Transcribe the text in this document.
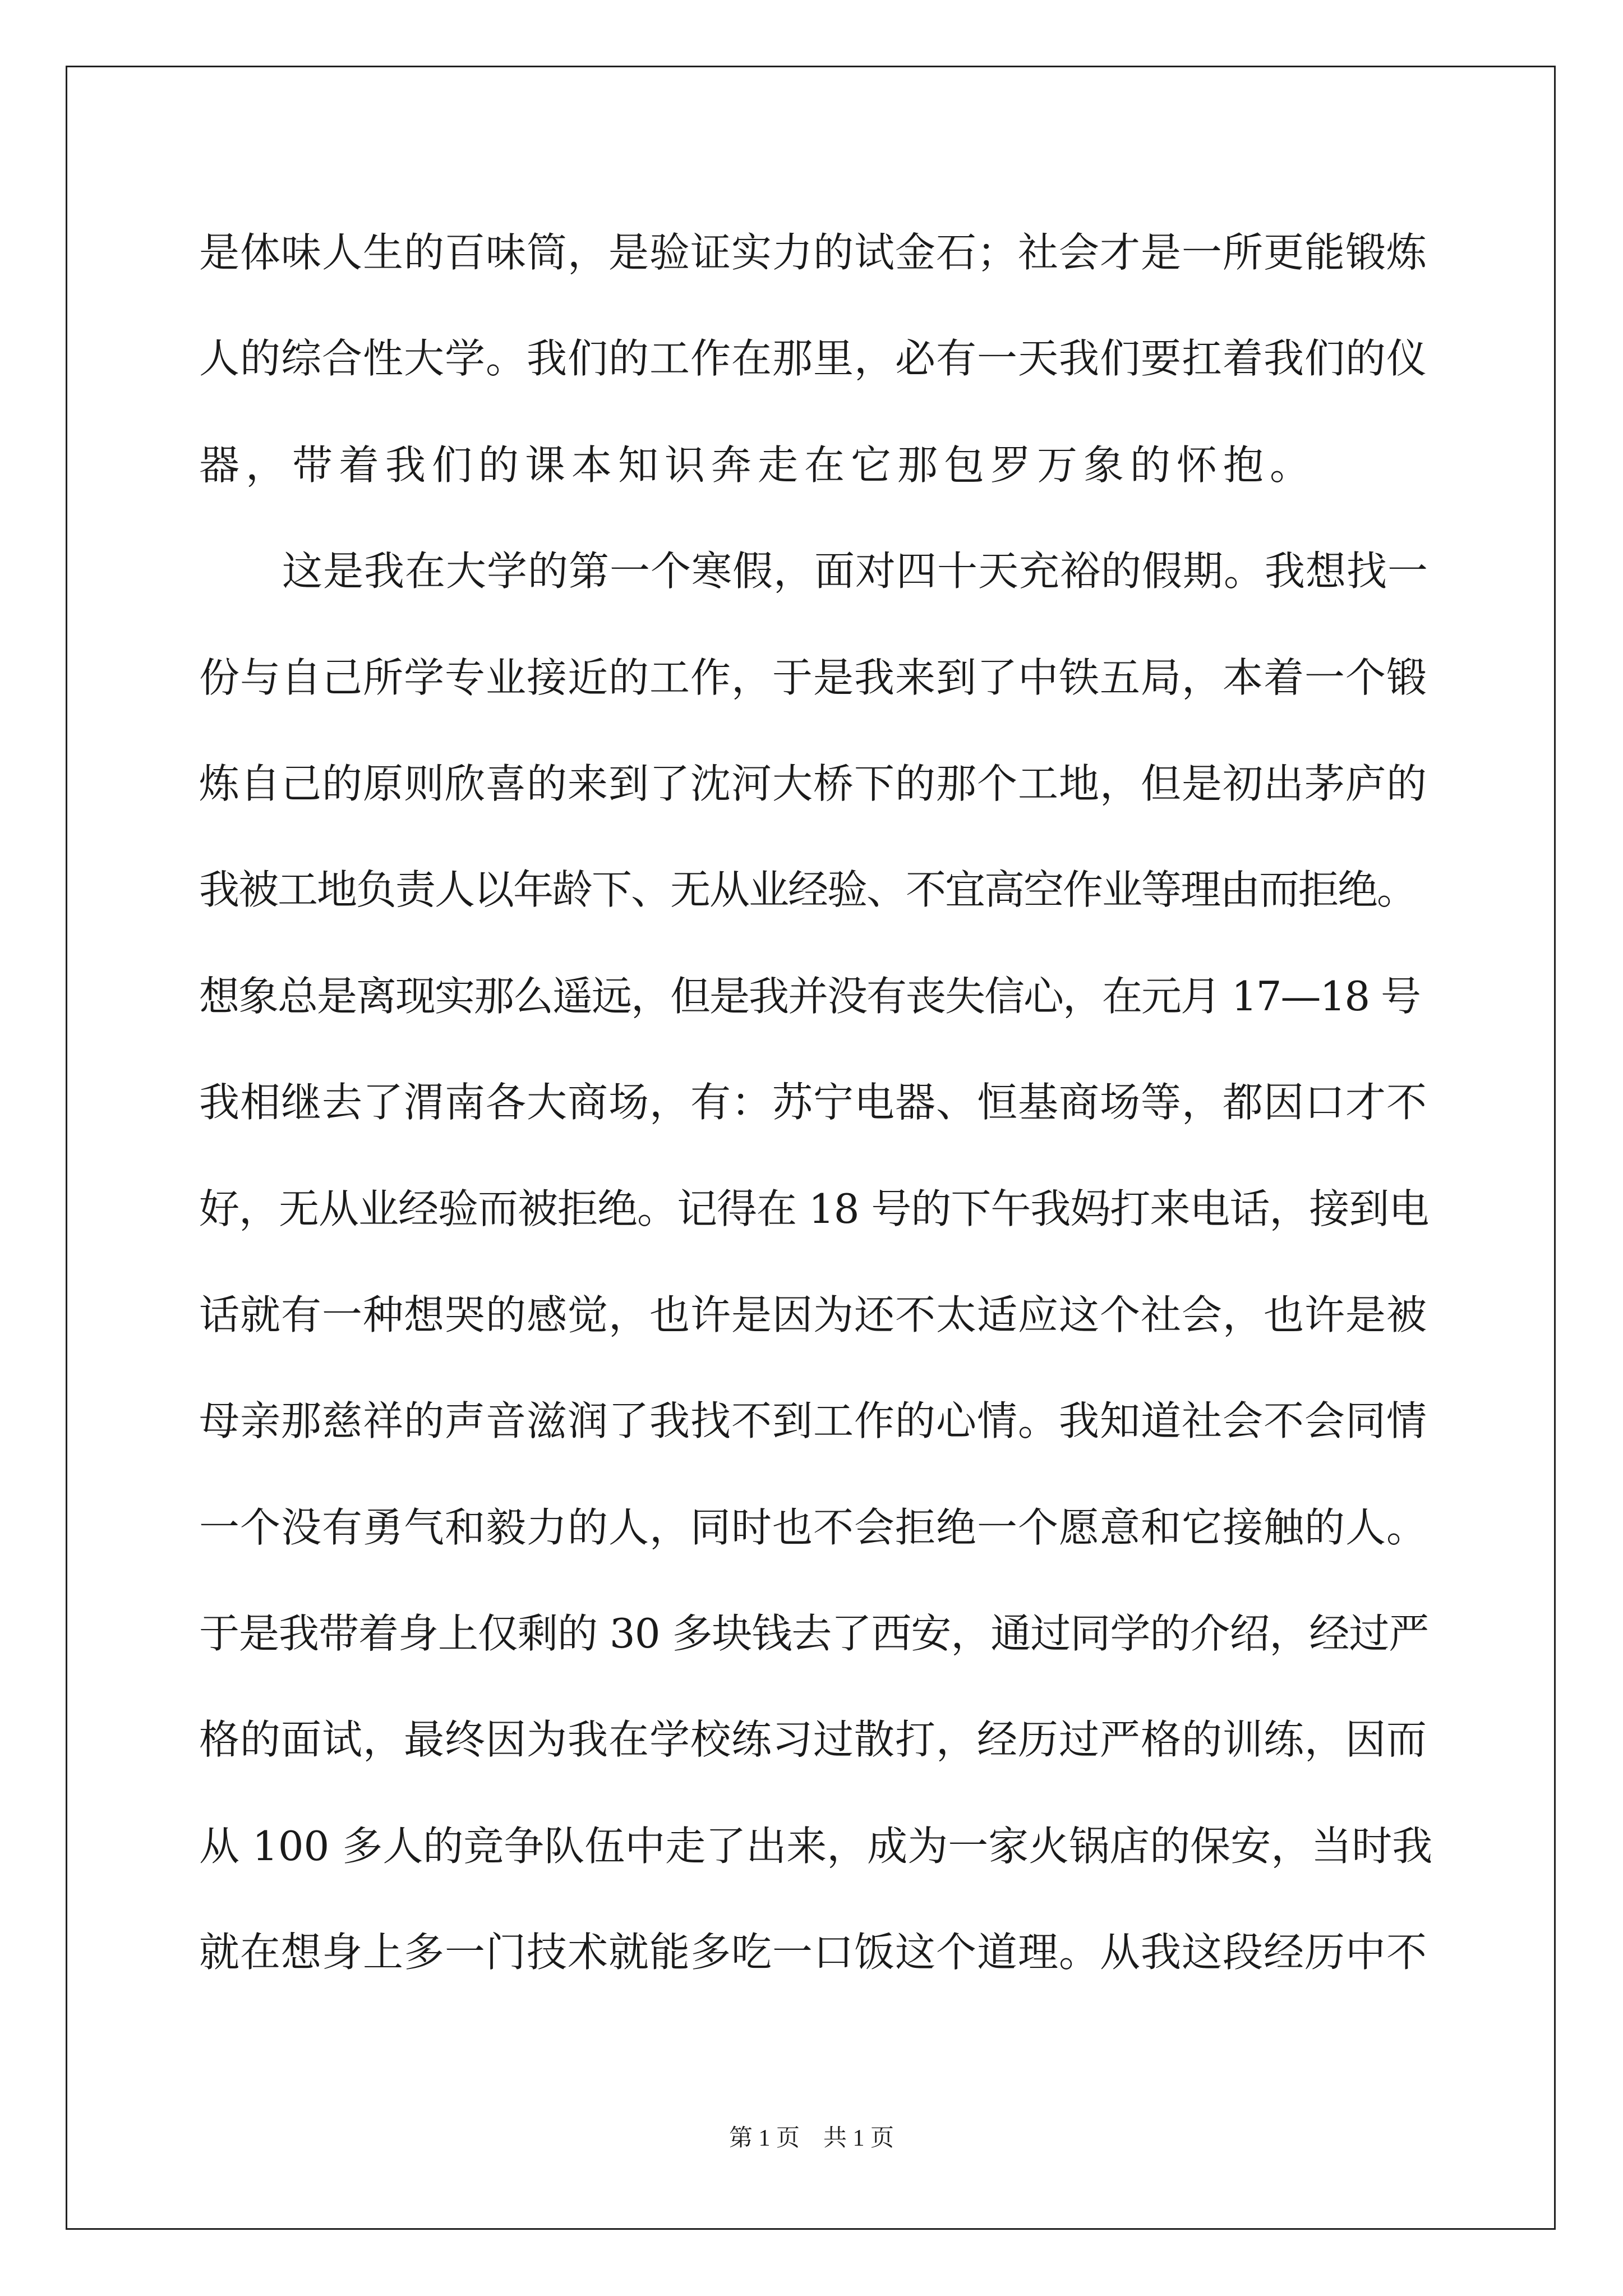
是体味人生的百味筒，是验证实力的试金石；社会才是一所更能锻炼
人的综合性大学。我们的工作在那里，必有一天我们要扛着我们的仪
器，带着我们的课本知识奔走在它那包罗万象的怀抱。
这是我在大学的第一个寒假，面对四十天充裕的假期。我想找一
份与自己所学专业接近的工作，于是我来到了中铁五局，本着一个锻
炼自己的原则欣喜的来到了沈河大桥下的那个工地，但是初出茅庐的
我被工地负责人以年龄下、无从业经验、不宜高空作业等理由而拒绝。
想象总是离现实那么遥远，但是我并没有丧失信心，在元月 17—18 号
我相继去了渭南各大商场，有：苏宁电器、恒基商场等，都因口才不
好，无从业经验而被拒绝。记得在 18 号的下午我妈打来电话，接到电
话就有一种想哭的感觉，也许是因为还不太适应这个社会，也许是被
母亲那慈祥的声音滋润了我找不到工作的心情。我知道社会不会同情
一个没有勇气和毅力的人，同时也不会拒绝一个愿意和它接触的人。
于是我带着身上仅剩的 30 多块钱去了西安，通过同学的介绍，经过严
格的面试，最终因为我在学校练习过散打，经历过严格的训练，因而
从 100 多人的竞争队伍中走了出来，成为一家火锅店的保安，当时我
就在想身上多一门技术就能多吃一口饭这个道理。从我这段经历中不
第 1 页    共 1 页
